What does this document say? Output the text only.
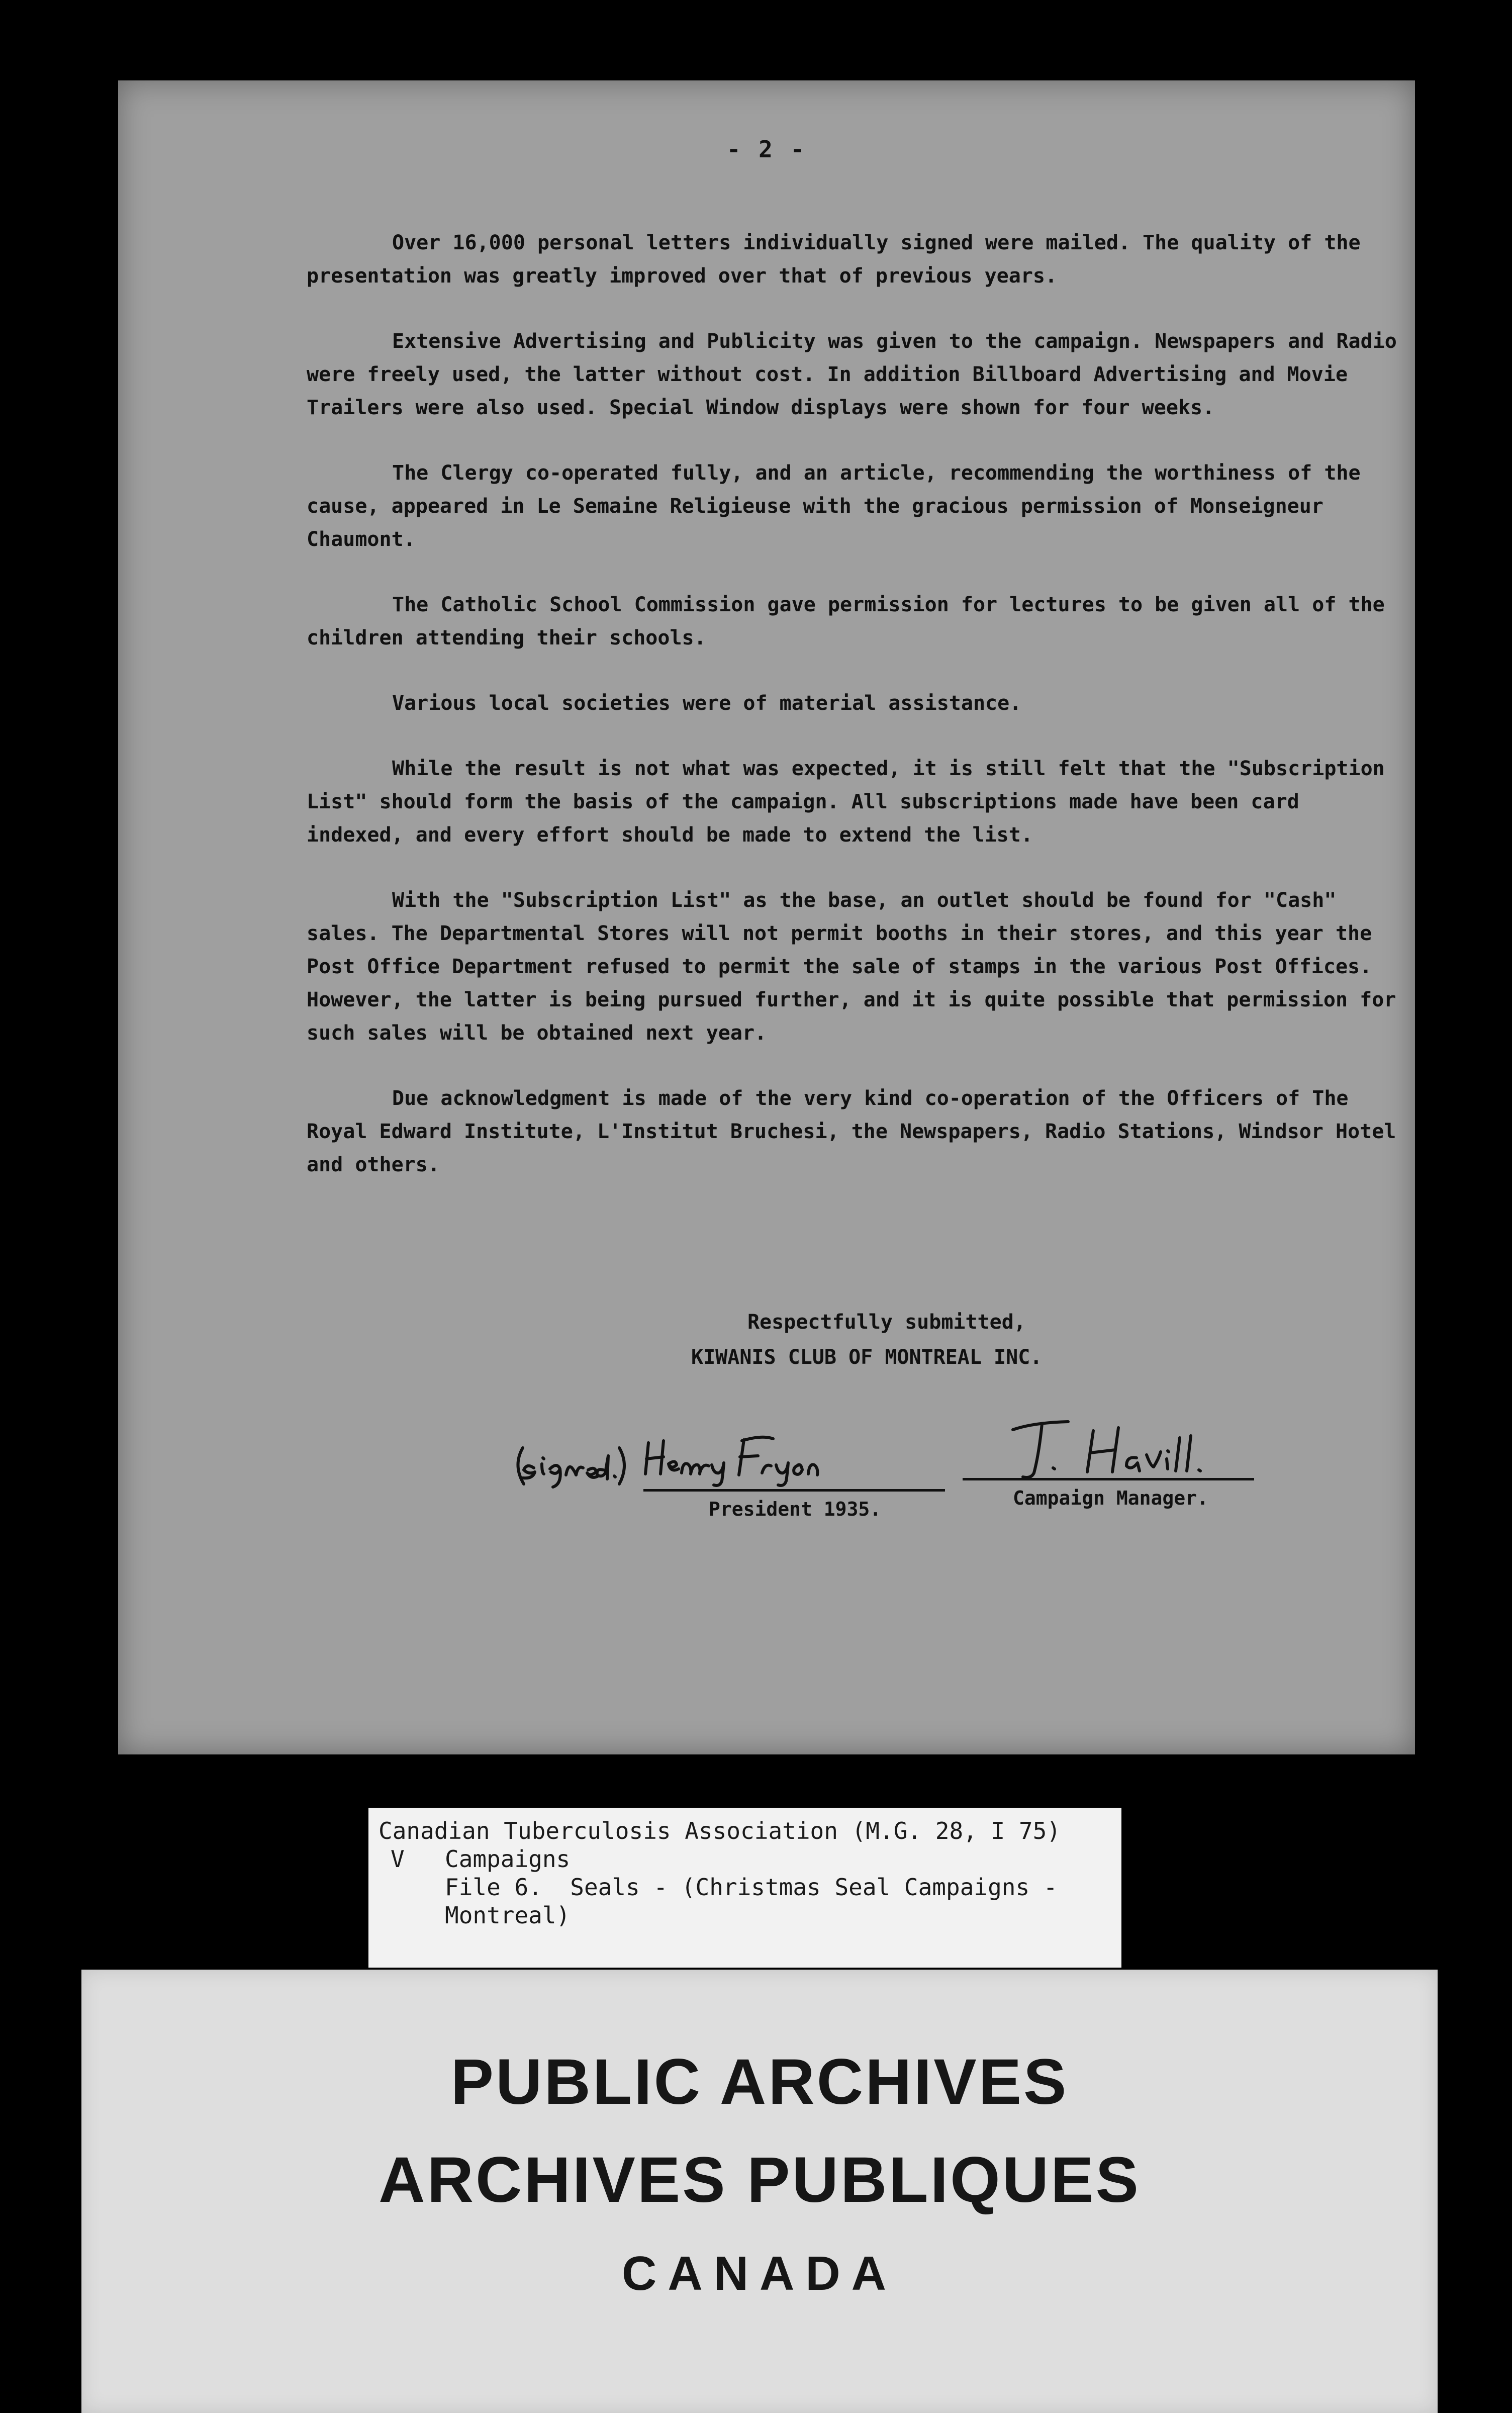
- 2 -

Over 16,000 personal letters individually signed were mailed. The quality of the presentation was greatly improved over that of previous years.

Extensive Advertising and Publicity was given to the campaign. Newspapers and Radio were freely used, the latter without cost. In addition Billboard Advertising and Movie Trailers were also used. Special Window displays were shown for four weeks.

The Clergy co-operated fully, and an article, recommending the worthiness of the cause, appeared in Le Semaine Religieuse with the gracious permission of Monseigneur Chaumont.

The Catholic School Commission gave permission for lectures to be given all of the children attending their schools.

Various local societies were of material assistance.

While the result is not what was expected, it is still felt that the "Subscription List" should form the basis of the campaign. All subscriptions made have been card indexed, and every effort should be made to extend the list.

With the "Subscription List" as the base, an outlet should be found for "Cash" sales. The Departmental Stores will not permit booths in their stores, and this year the Post Office Department refused to permit the sale of stamps in the various Post Offices. However, the latter is being pursued further, and it is quite possible that permission for such sales will be obtained next year.

Due acknowledgment is made of the very kind co-operation of the Officers of The Royal Edward Institute, L'Institut Bruchesi, the Newspapers, Radio Stations, Windsor Hotel and others.

Respectfully submitted,
KIWANIS CLUB OF MONTREAL INC.
President 1935.	Campaign Manager.
Canadian Tuberculosis Association (M.G. 28, I 75)
V Campaigns
File 6.  Seals - (Christmas Seal Campaigns -
Montreal)
PUBLIC ARCHIVES
ARCHIVES PUBLIQUES
CANADA
